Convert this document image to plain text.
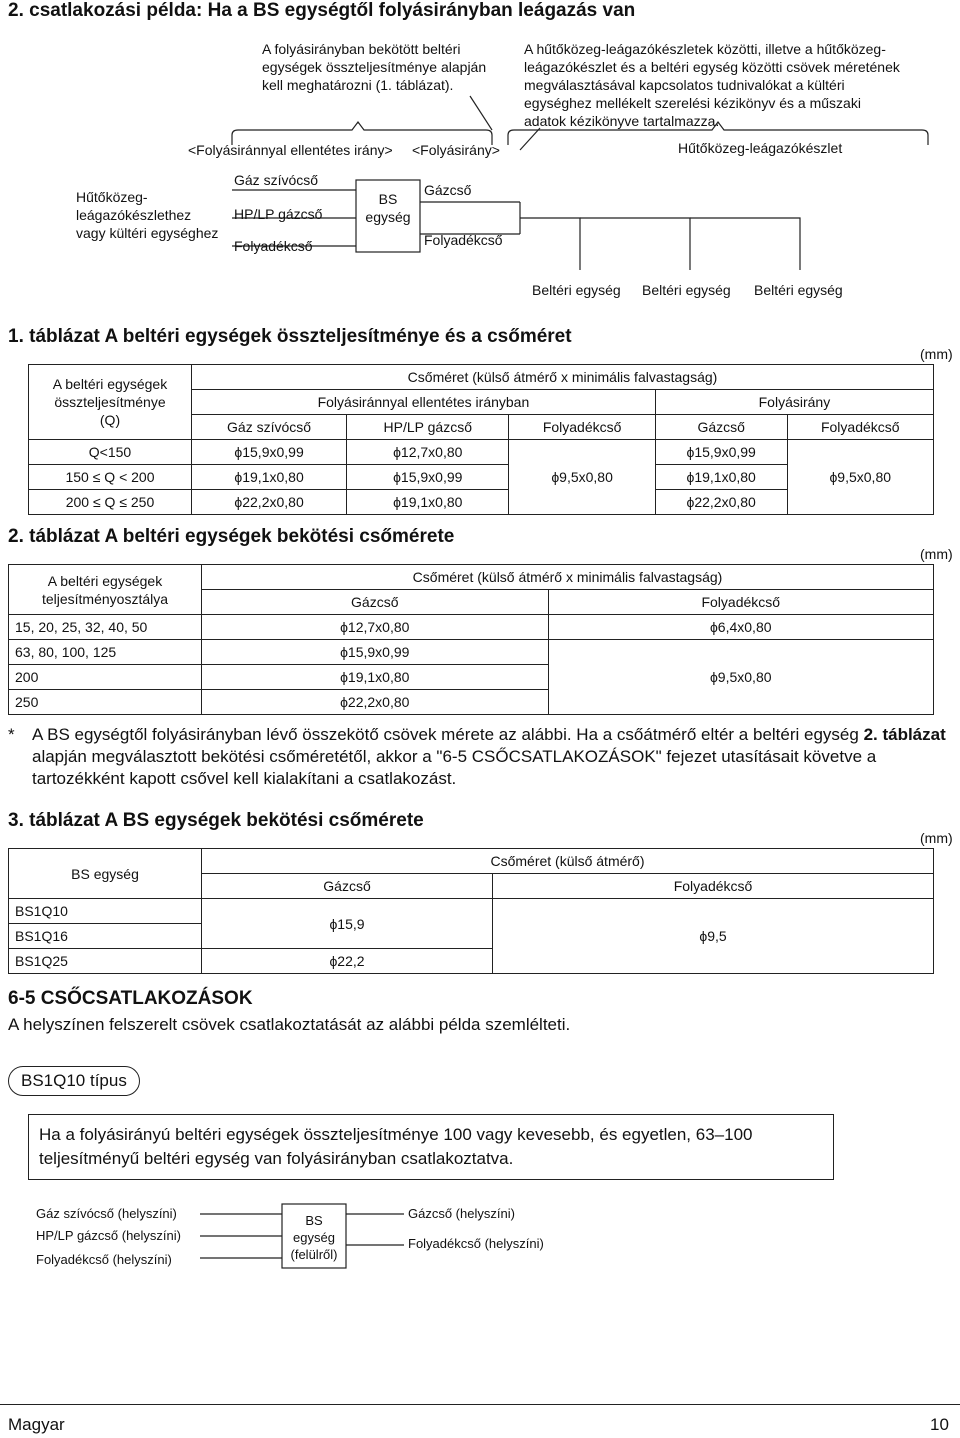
2. csatlakozási példa: Ha a BS egységtől folyásirányban leágazás van
A folyásirányban bekötött beltéri egységek összteljesítménye alapján kell meghatározni (1. táblázat).
A hűtőközeg-leágazókészletek közötti, illetve a hűtőközeg-leágazókészlet és a beltéri egység közötti csövek méretének megválasztásával kapcsolatos tudnivalókat a kültéri egységhez mellékelt szerelési kézikönyv és a műszaki adatok kézikönyve tartalmazza.
<Folyásiránnyal ellentétes irány> <Folyásirány>	Hűtőközeg-leágazókészlet
Hűtőközeg-
leágazókészlethez
vagy kültéri egységhez
Gáz szívócső
HP/LP gázcső
Folyadékcső
BS
egység
Gázcső
Folyadékcső
Beltéri egység Beltéri egység Beltéri egység
1. táblázat A beltéri egységek összteljesítménye és a csőméret
(mm)
A beltéri egységek
összteljesítménye
(Q)	Csőméret (külső átmérő x minimális falvastagság)				
	Folyásiránnyal ellentétes irányban			Folyásirány	
	Gáz szívócső	HP/LP gázcső	Folyadékcső	Gázcső	Folyadékcső
Q<150	ϕ15,9x0,99	ϕ12,7x0,80	ϕ9,5x0,80	ϕ15,9x0,99	ϕ9,5x0,80
150 ≤ Q < 200	ϕ19,1x0,80	ϕ15,9x0,99		ϕ19,1x0,80	
200 ≤ Q ≤ 250	ϕ22,2x0,80	ϕ19,1x0,80		ϕ22,2x0,80	
2. táblázat A beltéri egységek bekötési csőmérete
(mm)
A beltéri egységek
teljesítményosztálya	Csőméret (külső átmérő x minimális falvastagság)	
	Gázcső	Folyadékcső
15, 20, 25, 32, 40, 50	ϕ12,7x0,80	ϕ6,4x0,80
63, 80, 100, 125	ϕ15,9x0,99	ϕ9,5x0,80
200	ϕ19,1x0,80	
250	ϕ22,2x0,80	
* A BS egységtől folyásirányban lévő összekötő csövek mérete az alábbi. Ha a csőátmérő eltér a beltéri egység 2. táblázat alapján megválasztott bekötési csőméretétől, akkor a "6-5 CSŐCSATLAKOZÁSOK" fejezet utasításait követve a tartozékként kapott csővel kell kialakítani a csatlakozást.
3. táblázat A BS egységek bekötési csőmérete
(mm)
BS egység	Csőméret (külső átmérő)	
	Gázcső	Folyadékcső
BS1Q10	ϕ15,9	ϕ9,5
BS1Q16		
BS1Q25	ϕ22,2	
6-5 CSŐCSATLAKOZÁSOK
A helyszínen felszerelt csövek csatlakoztatását az alábbi példa szemlélteti.
BS1Q10 típus
Ha a folyásirányú beltéri egységek összteljesítménye 100 vagy kevesebb, és egyetlen, 63–100 teljesítményű beltéri egység van folyásirányban csatlakoztatva.
Gáz szívócső (helyszíni)
HP/LP gázcső (helyszíni)
Folyadékcső (helyszíni)
BS
egység
(felülről)
Gázcső (helyszíni)
Folyadékcső (helyszíni)
Magyar	10
